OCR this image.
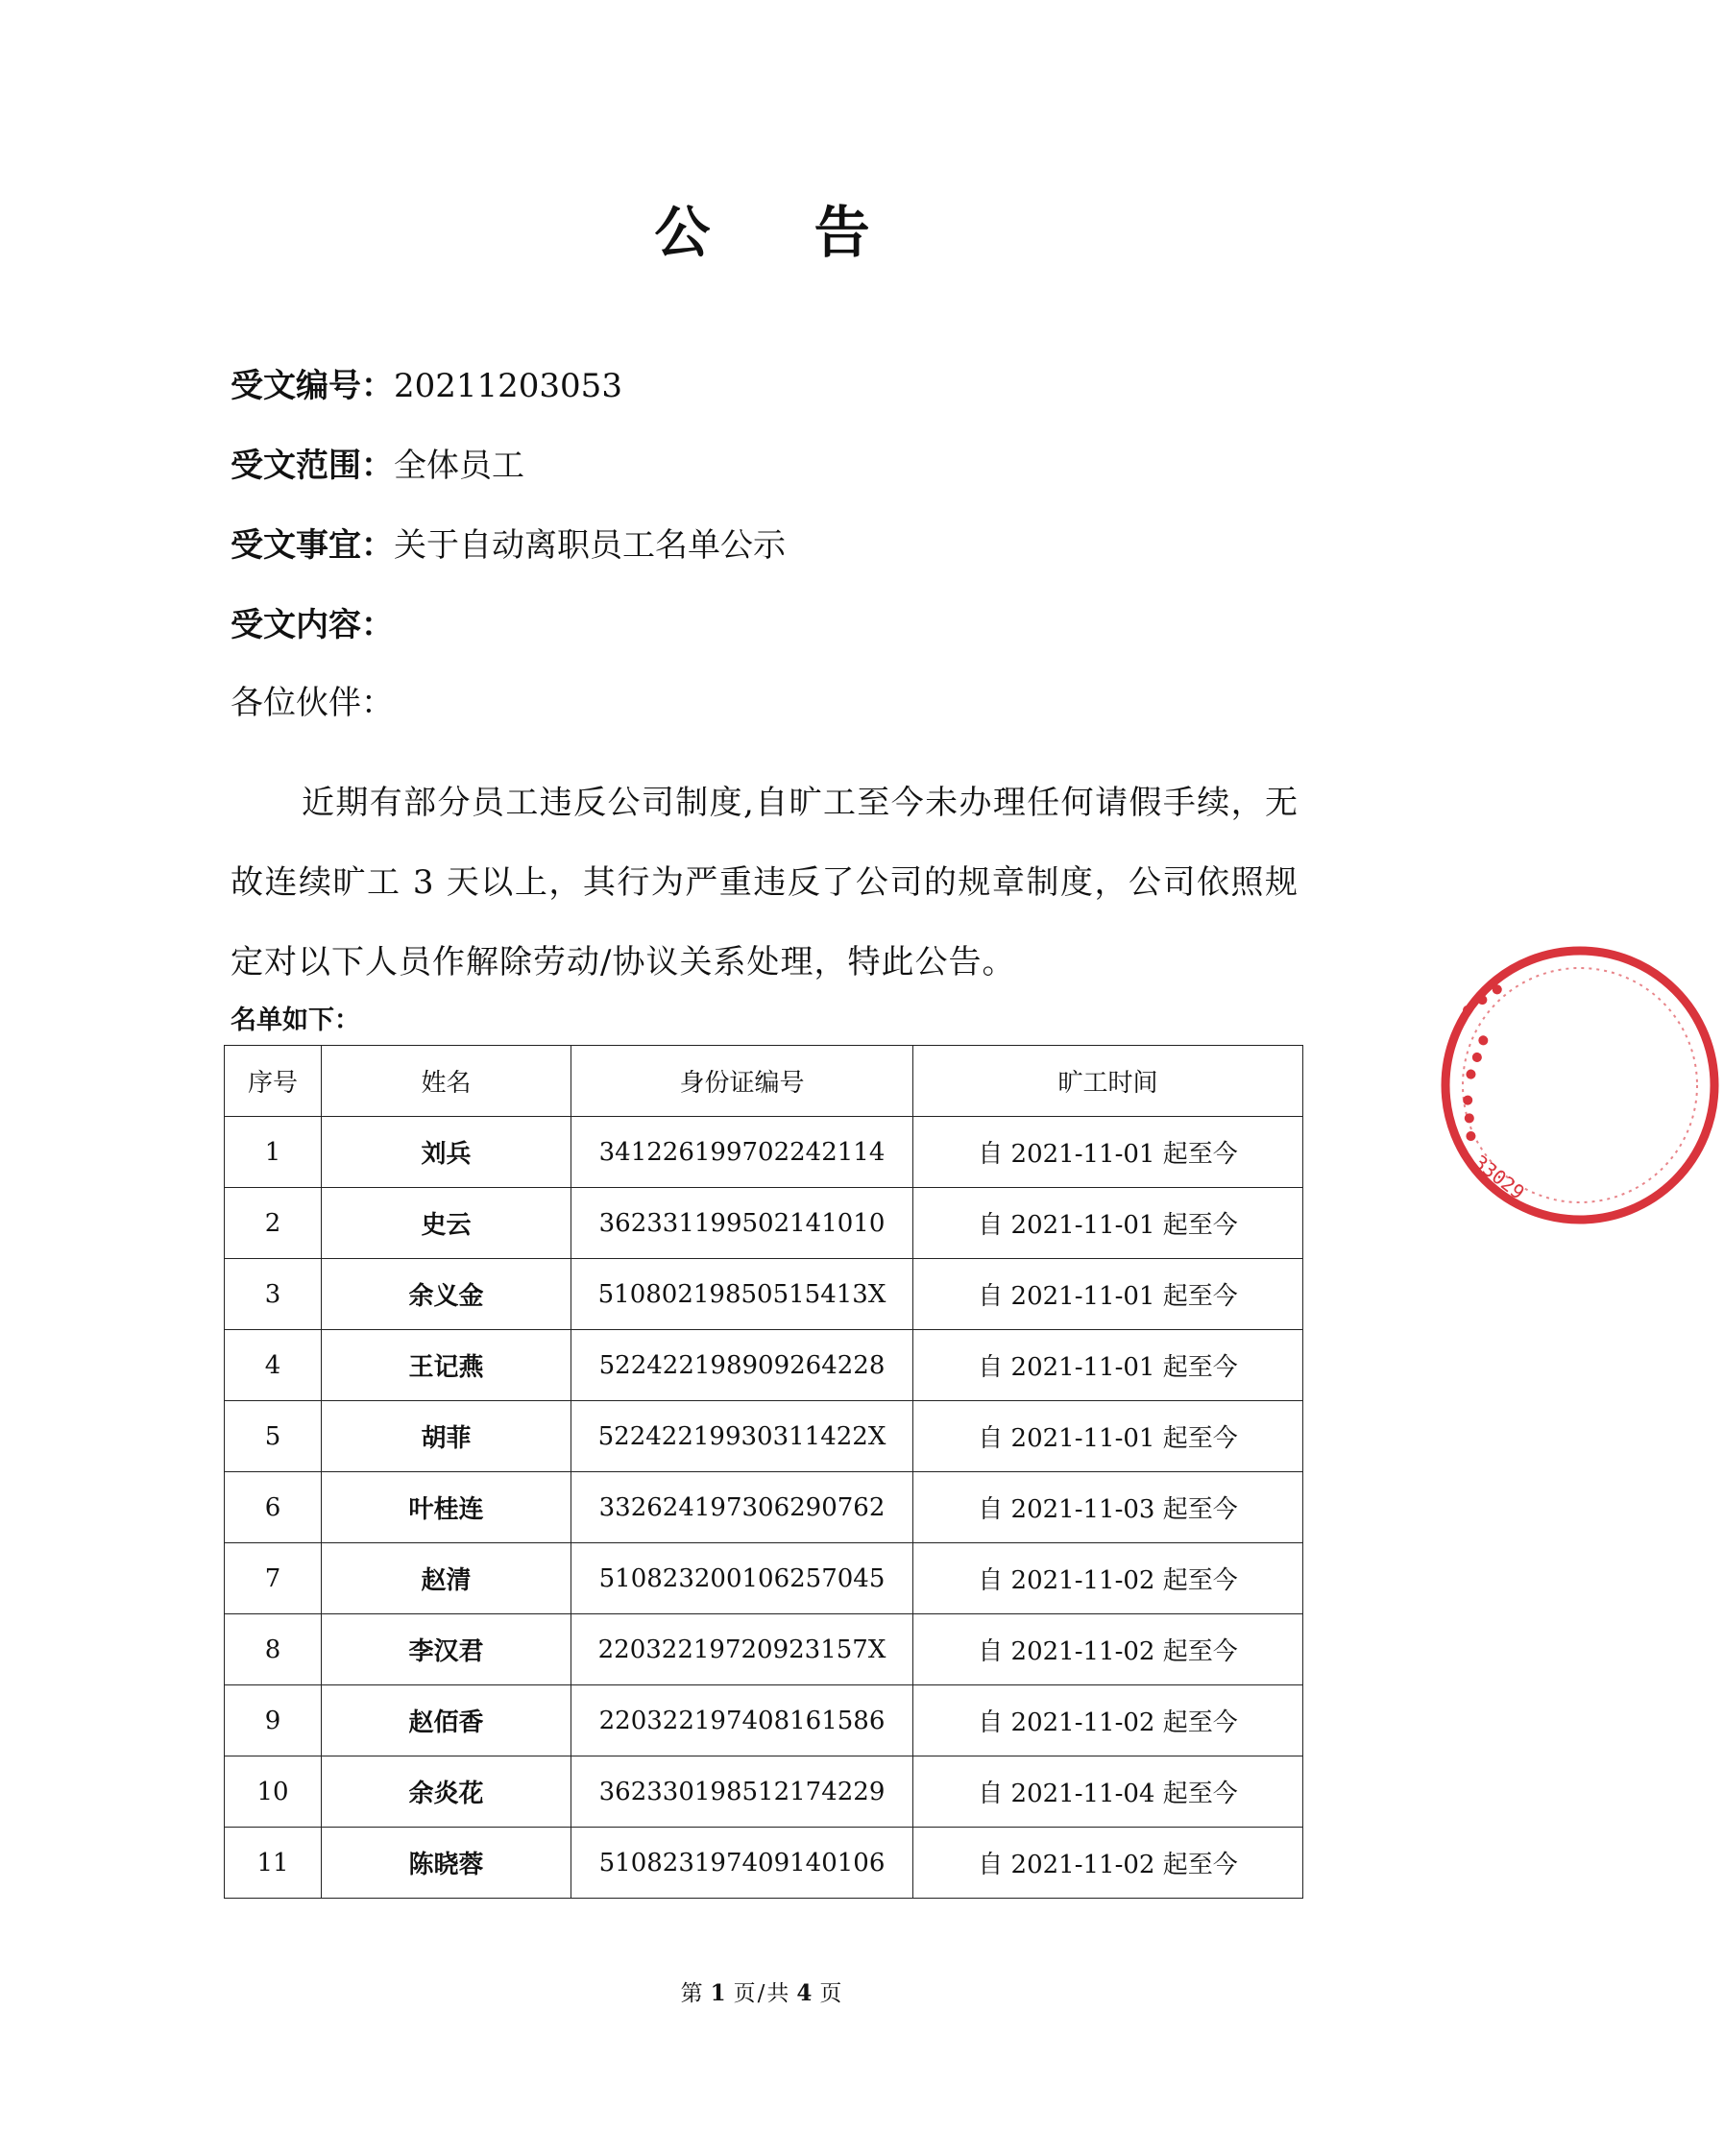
公 告
受文编号：20211203053
受文范围：全体员工
受文事宜：关于自动离职员工名单公示
受文内容：
各位伙伴：
近期有部分员工违反公司制度,自旷工至今未办理任何请假手续，无故连续旷工 3 天以上，其行为严重违反了公司的规章制度，公司依照规定对以下人员作解除劳动/协议关系处理，特此公告。
名单如下：
序号	姓名	身份证编号	旷工时间
1	刘兵	341226199702242114	自 2021-11-01 起至今
2	史云	362331199502141010	自 2021-11-01 起至今
3	余义金	51080219850515413X	自 2021-11-01 起至今
4	王记燕	522422198909264228	自 2021-11-01 起至今
5	胡菲	52242219930311422X	自 2021-11-01 起至今
6	叶桂连	332624197306290762	自 2021-11-03 起至今
7	赵清	510823200106257045	自 2021-11-02 起至今
8	李汉君	22032219720923157X	自 2021-11-02 起至今
9	赵佰香	220322197408161586	自 2021-11-02 起至今
10	余炎花	362330198512174229	自 2021-11-04 起至今
11	陈晓蓉	510823197409140106	自 2021-11-02 起至今
...
...
...
33029
第 1 页/共 4 页
